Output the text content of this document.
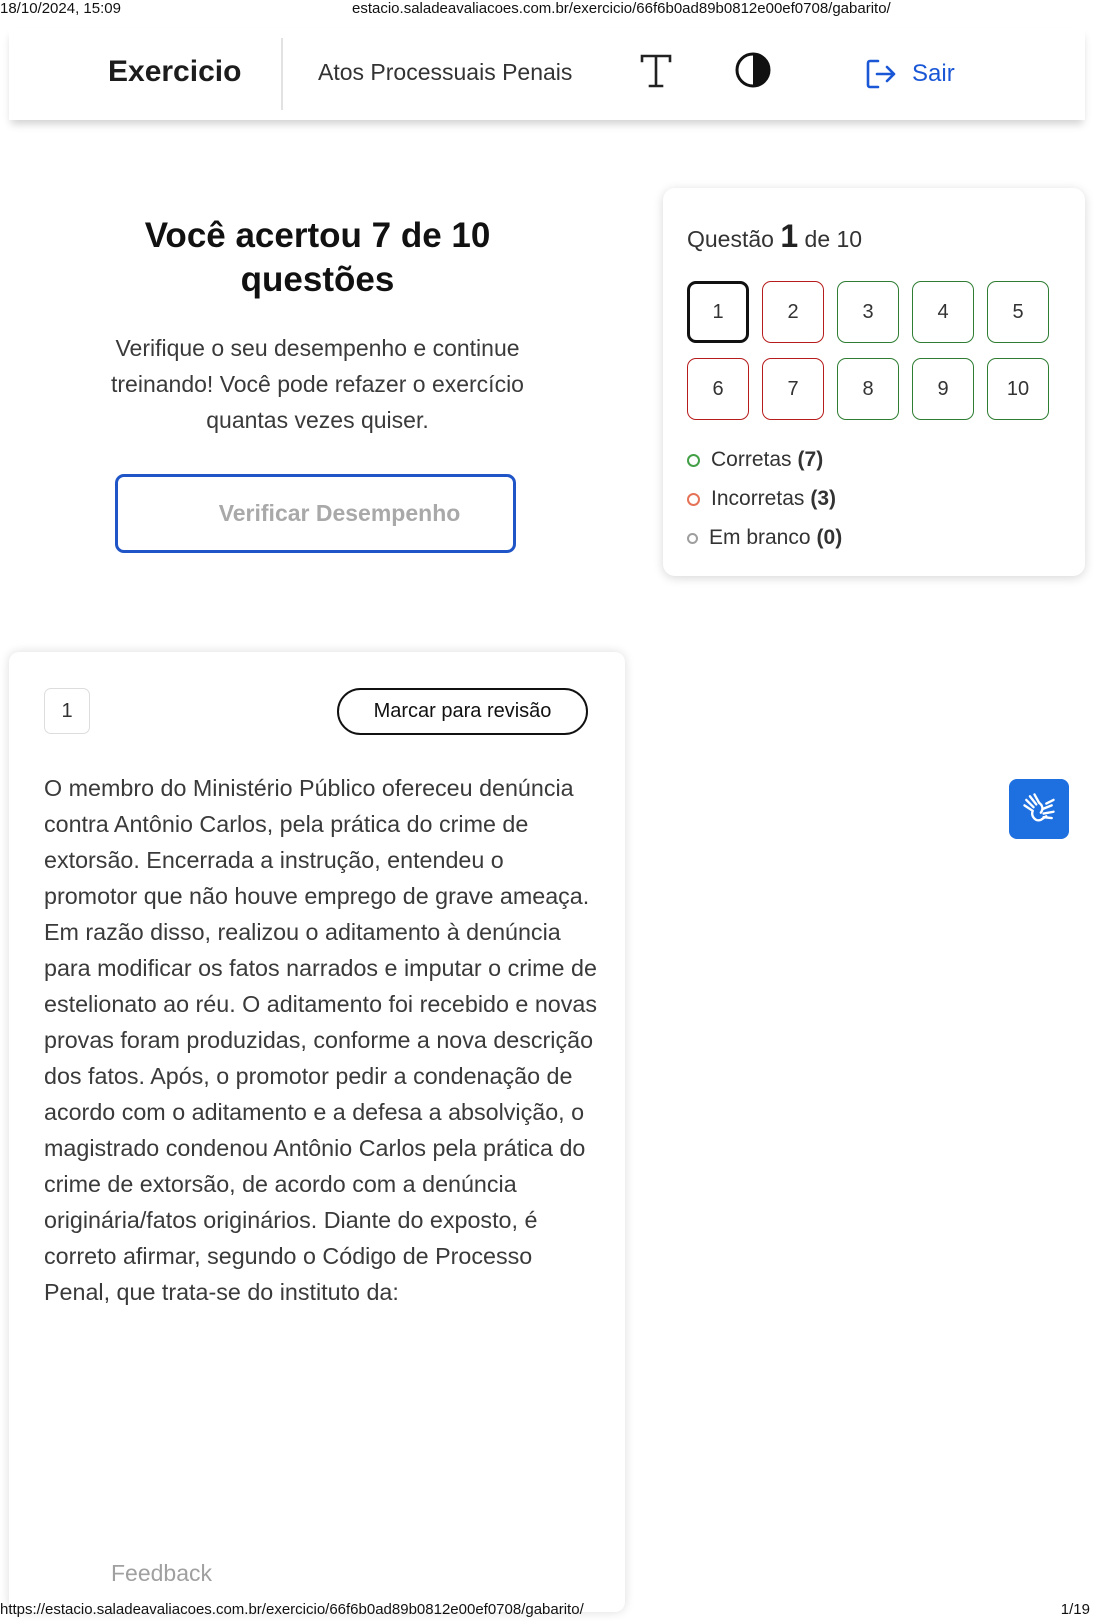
18/10/2024, 15:09	estacio.saladeavaliacoes.com.br/exercicio/66f6b0ad89b0812e00ef0708/gabarito/
Exercicio	Atos Processuais Penais	Sair
Você acertou 7 de 10 questões
Verifique o seu desempenho e continue treinando! Você pode refazer o exercício quantas vezes quiser.
Verificar Desempenho
Questão 1 de 10
1	2	3	4	5
6	7	8	9	10
Corretas (7)
Incorretas (3)
Em branco (0)
1	Marcar para revisão
O membro do Ministério Público ofereceu denúncia contra Antônio Carlos, pela prática do crime de extorsão. Encerrada a instrução, entendeu o promotor que não houve emprego de grave ameaça. Em razão disso, realizou o aditamento à denúncia para modificar os fatos narrados e imputar o crime de estelionato ao réu. O aditamento foi recebido e novas provas foram produzidas, conforme a nova descrição dos fatos. Após, o promotor pedir a condenação de acordo com o aditamento e a defesa a absolvição, o magistrado condenou Antônio Carlos pela prática do crime de extorsão, de acordo com a denúncia originária/fatos originários. Diante do exposto, é correto afirmar, segundo o Código de Processo Penal, que trata-se do instituto da:
Feedback
https://estacio.saladeavaliacoes.com.br/exercicio/66f6b0ad89b0812e00ef0708/gabarito/	1/19
